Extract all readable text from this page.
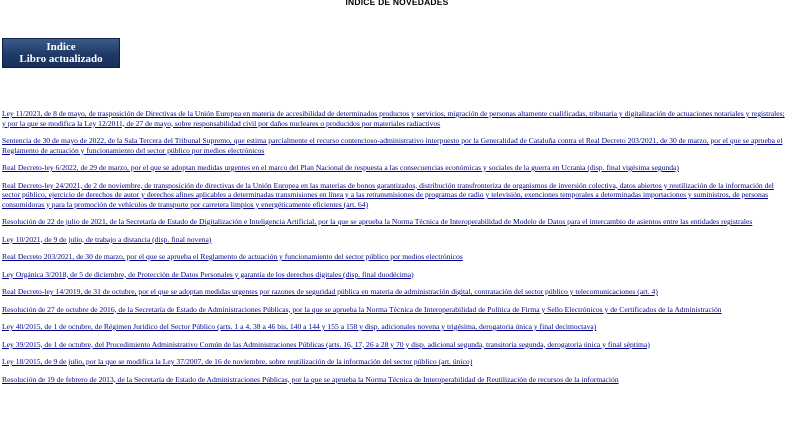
INDICE DE NOVEDADES
Indice
Libro actualizado
Ley 11/2023, de 8 de mayo, de trasposición de Directivas de la Unión Europea en materia de accesibilidad de determinados productos y servicios, migración de personas altamente cualificadas, tributaria y digitalización de actuaciones notariales y registrales; y por la que se modifica la Ley 12/2011, de 27 de mayo, sobre responsabilidad civil por daños nucleares o producidos por materiales radiactivos
Sentencia de 30 de mayo de 2022, de la Sala Tercera del Tribunal Supremo, que estima parcialmente el recurso contencioso-administrativo interpuesto por la Generalidad de Cataluña contra el Real Decreto 203/2021, de 30 de marzo, por el que se aprueba el Reglamento de actuación y funcionamiento del sector público por medios electrónicos
Real Decreto-ley 6/2022, de 29 de marzo, por el que se adoptan medidas urgentes en el marco del Plan Nacional de respuesta a las consecuencias económicas y sociales de la guerra en Ucrania (disp. final vigésima segunda)
Real Decreto-ley 24/2021, de 2 de noviembre, de transposición de directivas de la Unión Europea en las materias de bonos garantizados, distribución transfronteriza de organismos de inversión colectiva, datos abiertos y reutilización de la información del sector público, ejercicio de derechos de autor y derechos afines aplicables a determinadas transmisiones en línea y a las retransmisiones de programas de radio y televisión, exenciones temporales a determinadas importaciones y suministros, de personas consumidoras y para la promoción de vehículos de transporte por carretera limpios y energéticamente eficientes (art. 64)
Resolución de 22 de julio de 2021, de la Secretaría de Estado de Digitalización e Inteligencia Artificial, por la que se aprueba la Norma Técnica de Interoperabilidad de Modelo de Datos para el intercambio de asientos entre las entidades registrales
Ley 10/2021, de 9 de julio, de trabajo a distancia (disp. final novena)
Real Decreto 203/2021, de 30 de marzo, por el que se aprueba el Reglamento de actuación y funcionamiento del sector público por medios electrónicos
Ley Orgánica 3/2018, de 5 de diciembre, de Protección de Datos Personales y garantía de los derechos digitales (disp. final duodécima)
Real Decreto-ley 14/2019, de 31 de octubre, por el que se adoptan medidas urgentes por razones de seguridad pública en materia de administración digital, contratación del sector público y telecomunicaciones (art. 4)
Resolución de 27 de octubre de 2016, de la Secretaría de Estado de Administraciones Públicas, por la que se aprueba la Norma Técnica de Interoperabilidad de Política de Firma y Sello Electrónicos y de Certificados de la Administración
Ley 40/2015, de 1 de octubre, de Régimen Jurídico del Sector Público (arts. 1 a 4, 38 a 46 bis, 140 a 144 y 155 a 158 y disp. adicionales novena y trigésima, derogatoria única y final decimoctava)
Ley 39/2015, de 1 de octubre, del Procedimiento Administrativo Común de las Administraciones Públicas (arts. 16, 17, 26 a 28 y 70 y disp. adicional segunda, transitoria segunda, derogatoria única y final séptima)
Ley 18/2015, de 9 de julio, por la que se modifica la Ley 37/2007, de 16 de noviembre, sobre reutilización de la información del sector público (art. único)
Resolución de 19 de febrero de 2013, de la Secretaría de Estado de Administraciones Públicas, por la que se aprueba la Norma Técnica de Interoperabilidad de Reutilización de recursos de la información
